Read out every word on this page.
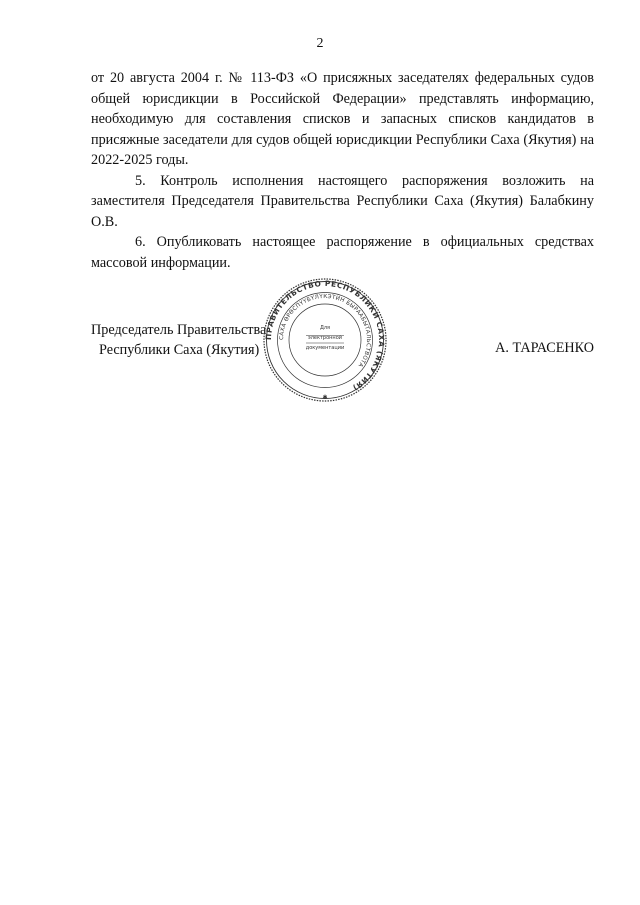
2

от 20 августа 2004 г. № 113-ФЗ «О присяжных заседателях федеральных судов общей юрисдикции в Российской Федерации» представлять информацию, необходимую для составления списков и запасных списков кандидатов в присяжные заседатели для судов общей юрисдикции Республики Саха (Якутия) на 2022-2025 годы.

5. Контроль исполнения настоящего распоряжения возложить на заместителя Председателя Правительства Республики Саха (Якутия) Балабкину О.В.

6. Опубликовать настоящее распоряжение в официальных средствах массовой информации.

Председатель Правительства
Республики Саха (Якутия)	А. ТАРАСЕНКО
ПРАВИТЕЛЬСТВО РЕСПУБЛИКИ САХА (ЯКУТИЯ)
САХА ӨРӨСПҮҮБҮЛҮКЭТИН БЫРААБЫТАЛЬСТВОТА
Для
электронной
документации
✱
